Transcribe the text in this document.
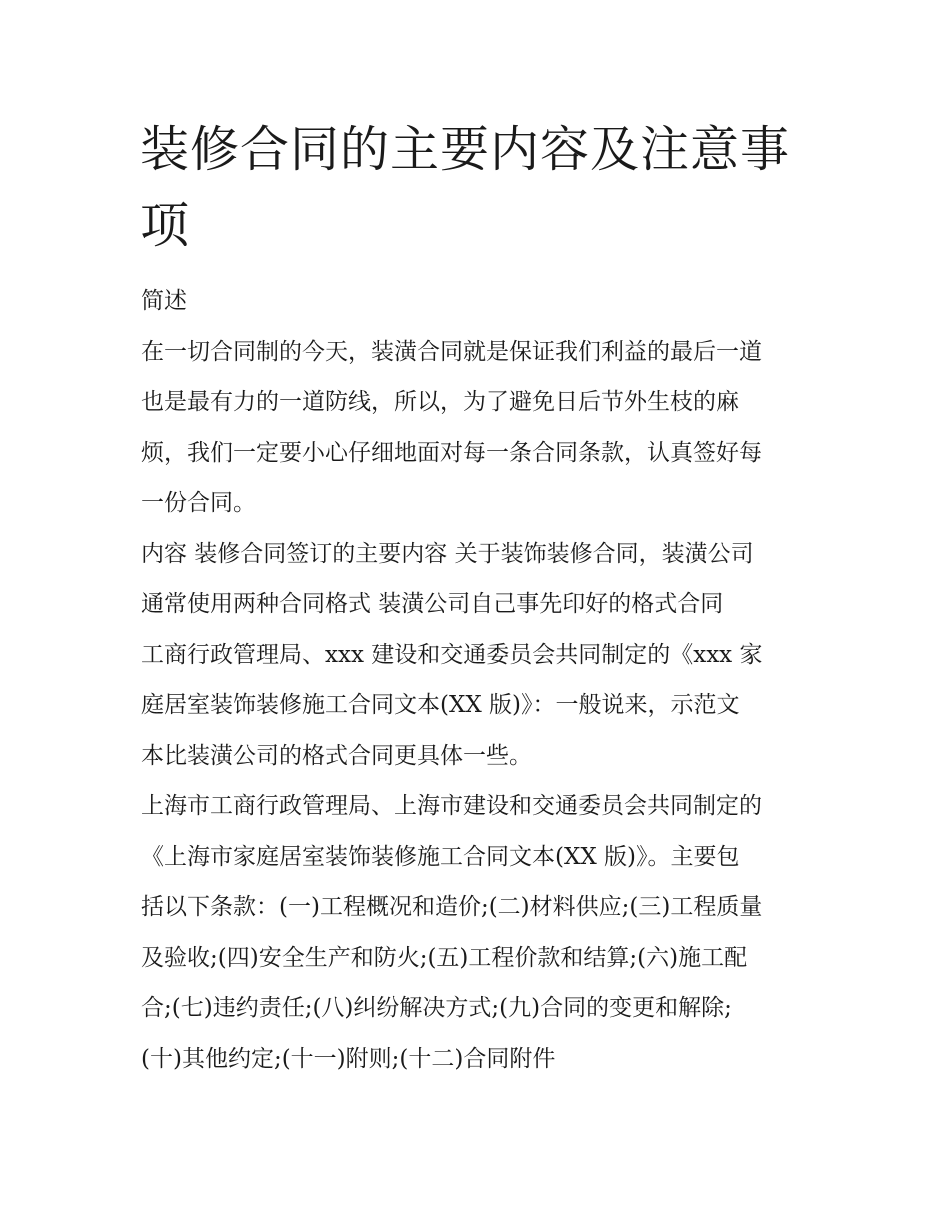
装修合同的主要内容及注意事
项

简述

在一切合同制的今天，装潢合同就是保证我们利益的最后一道
也是最有力的一道防线，所以，为了避免日后节外生枝的麻
烦，我们一定要小心仔细地面对每一条合同条款，认真签好每
一份合同。

内容 装修合同签订的主要内容 关于装饰装修合同，装潢公司
通常使用两种合同格式 装潢公司自己事先印好的格式合同
工商行政管理局、xxx 建设和交通委员会共同制定的《xxx 家
庭居室装饰装修施工合同文本(XX 版)》：一般说来，示范文
本比装潢公司的格式合同更具体一些。

上海市工商行政管理局、上海市建设和交通委员会共同制定的
《上海市家庭居室装饰装修施工合同文本(XX 版)》。主要包
括以下条款：(一)工程概况和造价;(二)材料供应;(三)工程质量
及验收;(四)安全生产和防火;(五)工程价款和结算;(六)施工配
合;(七)违约责任;(八)纠纷解决方式;(九)合同的变更和解除;
(十)其他约定;(十一)附则;(十二)合同附件
